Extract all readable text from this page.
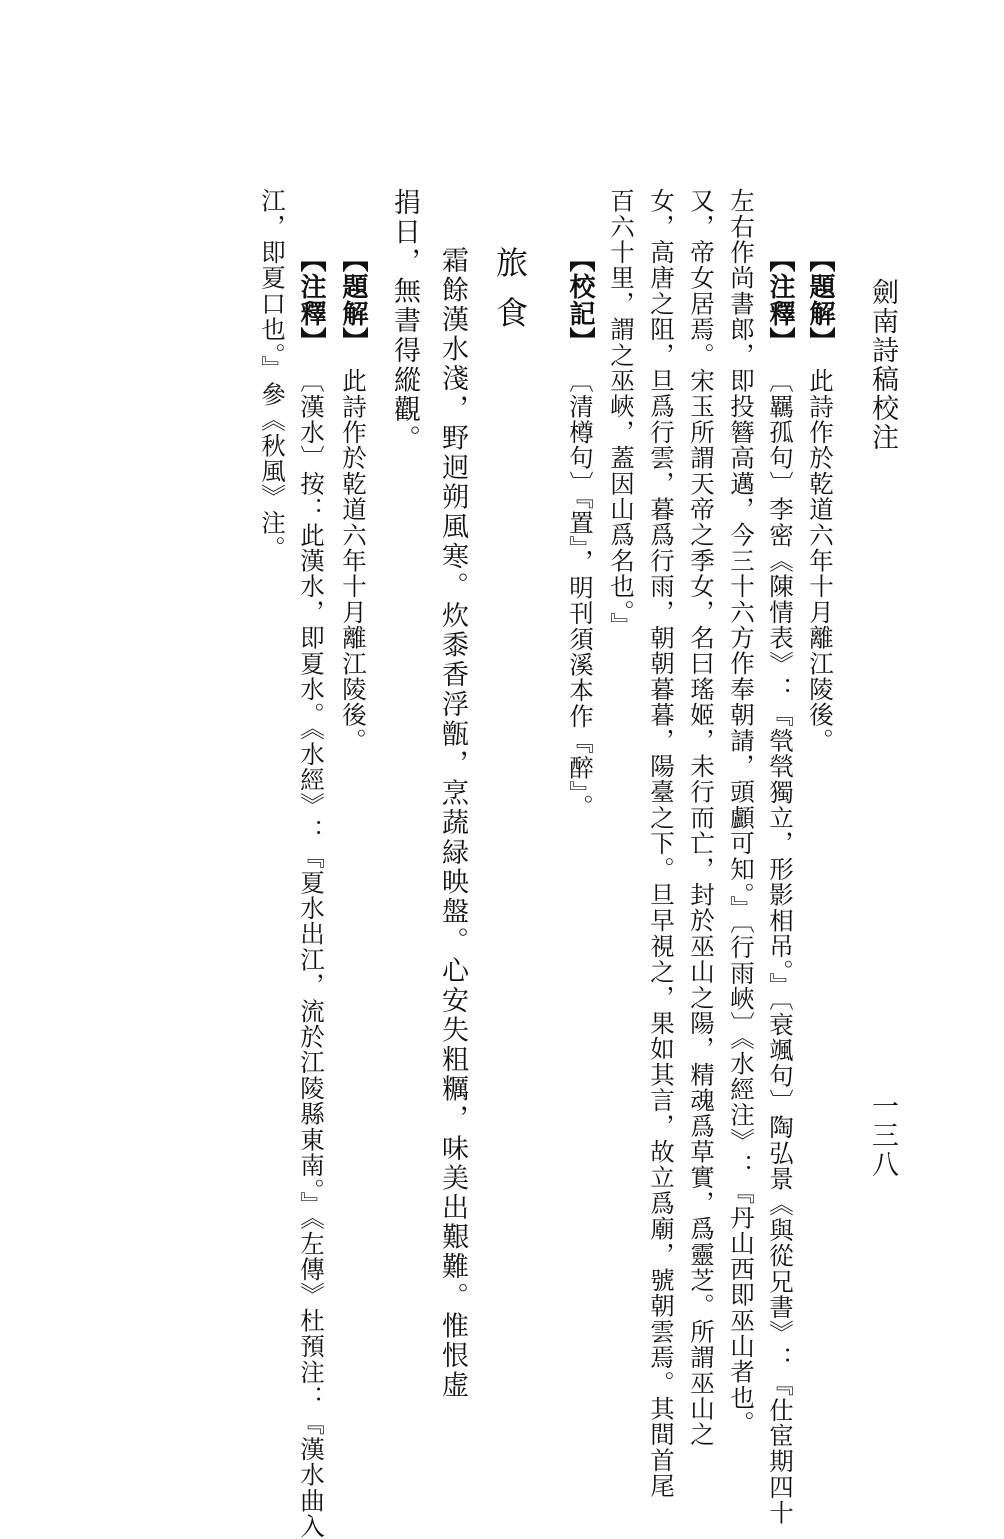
劍南詩稿校注
一三八
【題解】此詩作於乾道六年十月離江陵後。
【注釋】〔羈孤句〕李密《陳情表》：『煢煢獨立，形影相吊。』〔衰颯句〕陶弘景《與從兄書》：『仕宦期四十
左右作尚書郎，即投簪高邁，今三十六方作奉朝請，頭顱可知。』〔行雨峽〕《水經注》：『丹山西即巫山者也。
又，帝女居焉。宋玉所謂天帝之季女，名曰瑤姬，未行而亡，封於巫山之陽，精魂爲草實，爲靈芝。所謂巫山之
女，高唐之阻，旦爲行雲，暮爲行雨，朝朝暮暮，陽臺之下。旦早視之，果如其言，故立爲廟，號朝雲焉。其間首尾
百六十里，謂之巫峽，蓋因山爲名也。』
【校記】〔清樽句〕『置』，明刊須溪本作『醉』。
旅食
霜餘漢水淺，野迥朔風寒。炊黍香浮甑，烹蔬緑映盤。心安失粗糲，味美出艱難。惟恨虚
捐日，無書得縱觀。
【題解】此詩作於乾道六年十月離江陵後。
【注釋】〔漢水〕按：此漢水，即夏水。《水經》：『夏水出江，流於江陵縣東南。』《左傳》杜預注：『漢水曲入
江，即夏口也。』參《秋風》注。
